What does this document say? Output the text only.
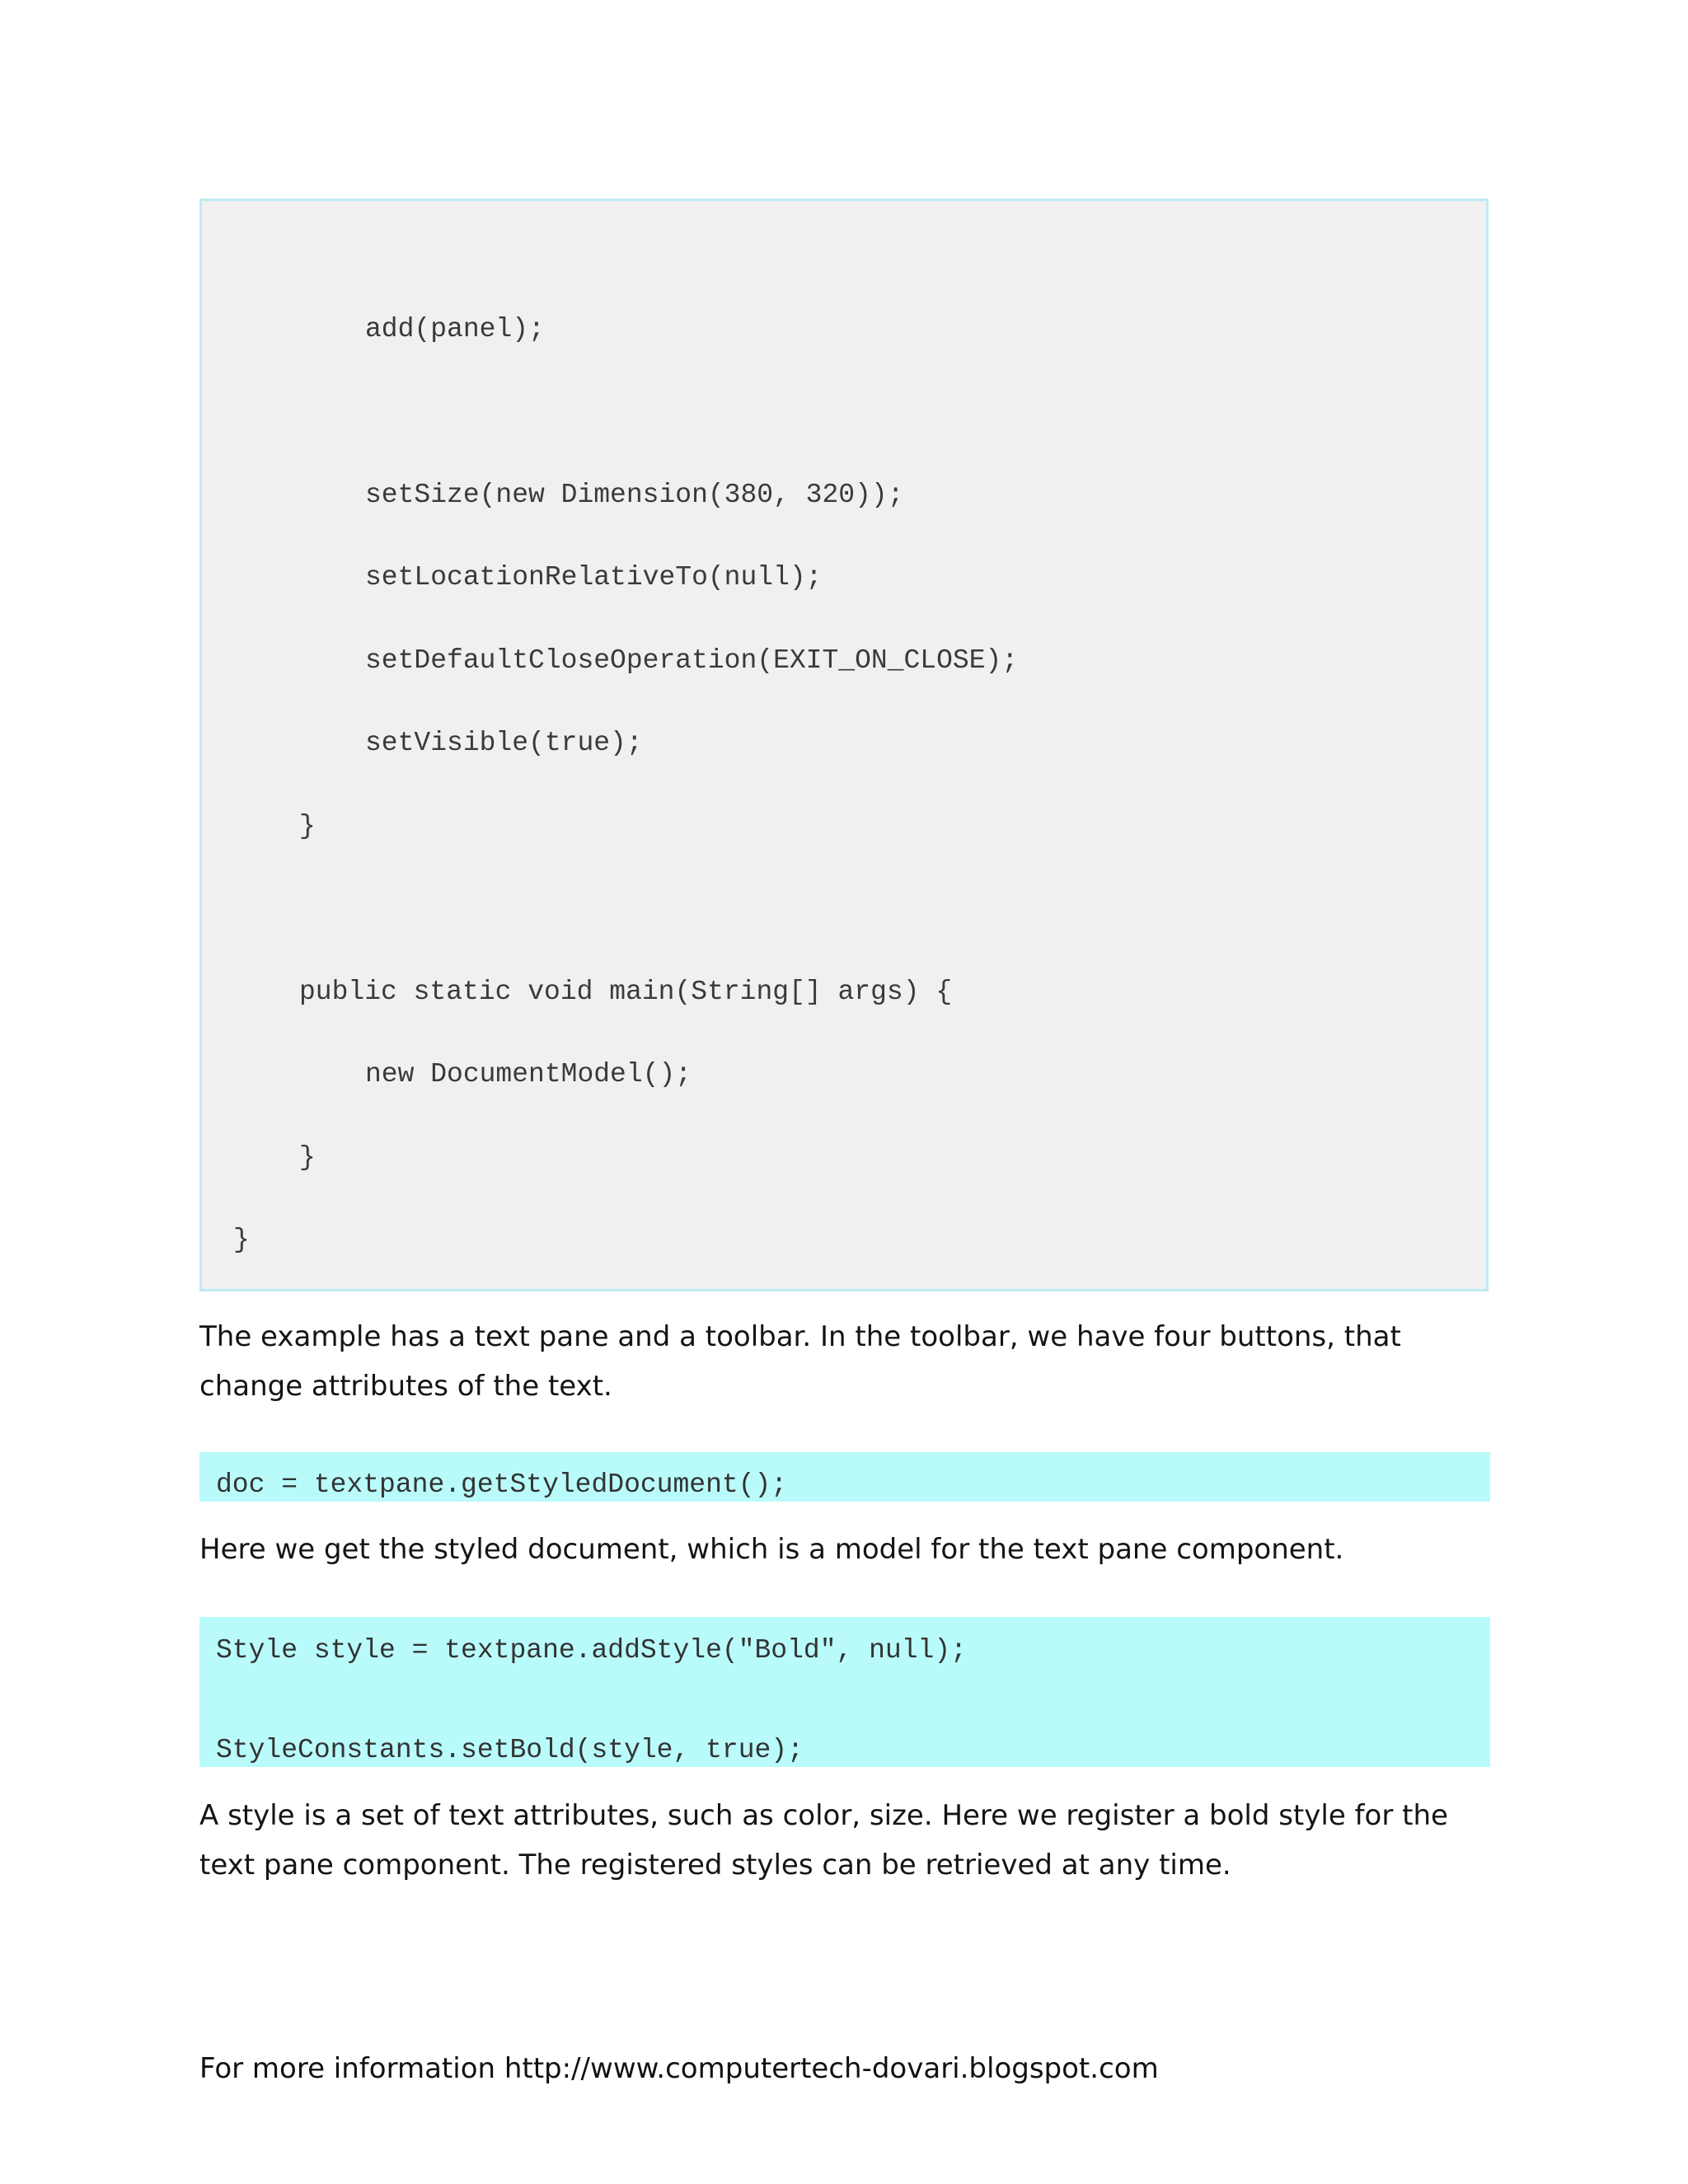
add(panel);
setSize(new Dimension(380, 320));
setLocationRelativeTo(null);
setDefaultCloseOperation(EXIT_ON_CLOSE);
setVisible(true);
}
public static void main(String[] args) {
new DocumentModel();
}
}

The example has a text pane and a toolbar. In the toolbar, we have four buttons, that

change attributes of the text.

doc = textpane.getStyledDocument();

Here we get the styled document, which is a model for the text pane component.

Style style = textpane.addStyle("Bold", null);
StyleConstants.setBold(style, true);

A style is a set of text attributes, such as color, size. Here we register a bold style for the

text pane component. The registered styles can be retrieved at any time.

For more information http://www.computertech-dovari.blogspot.com
